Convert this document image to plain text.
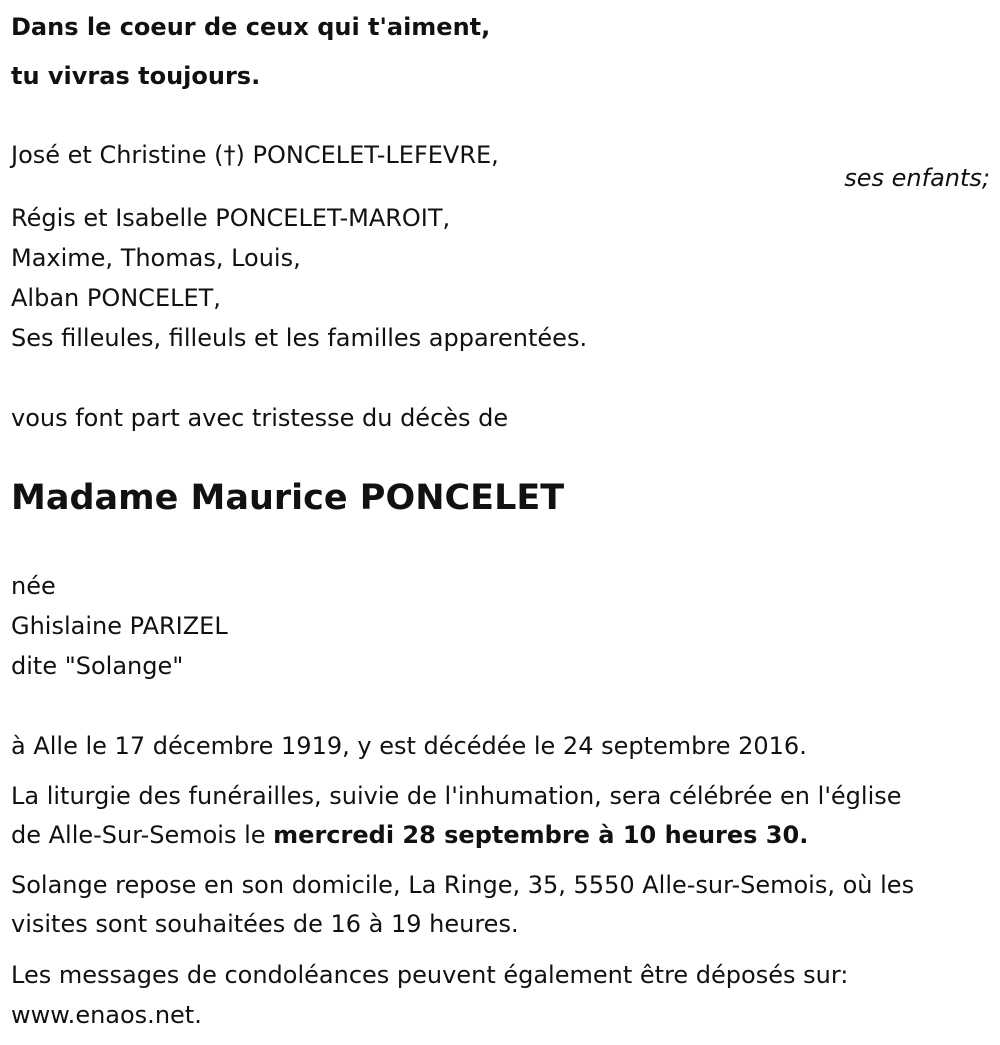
Dans le coeur de ceux qui t'aiment,
tu vivras toujours.
José et Christine (†) PONCELET-LEFEVRE,
ses enfants;
Régis et Isabelle PONCELET-MAROIT,
Maxime, Thomas, Louis,
Alban PONCELET,
Ses filleules, filleuls et les familles apparentées.
vous font part avec tristesse du décès de
Madame Maurice PONCELET
née
Ghislaine PARIZEL
dite "Solange"
à Alle le 17 décembre 1919, y est décédée le 24 septembre 2016.
La liturgie des funérailles, suivie de l'inhumation, sera célébrée en l'église
de Alle-Sur-Semois le mercredi 28 septembre à 10 heures 30.
Solange repose en son domicile, La Ringe, 35, 5550 Alle-sur-Semois, où les
visites sont souhaitées de 16 à 19 heures.
Les messages de condoléances peuvent également être déposés sur:
www.enaos.net.
